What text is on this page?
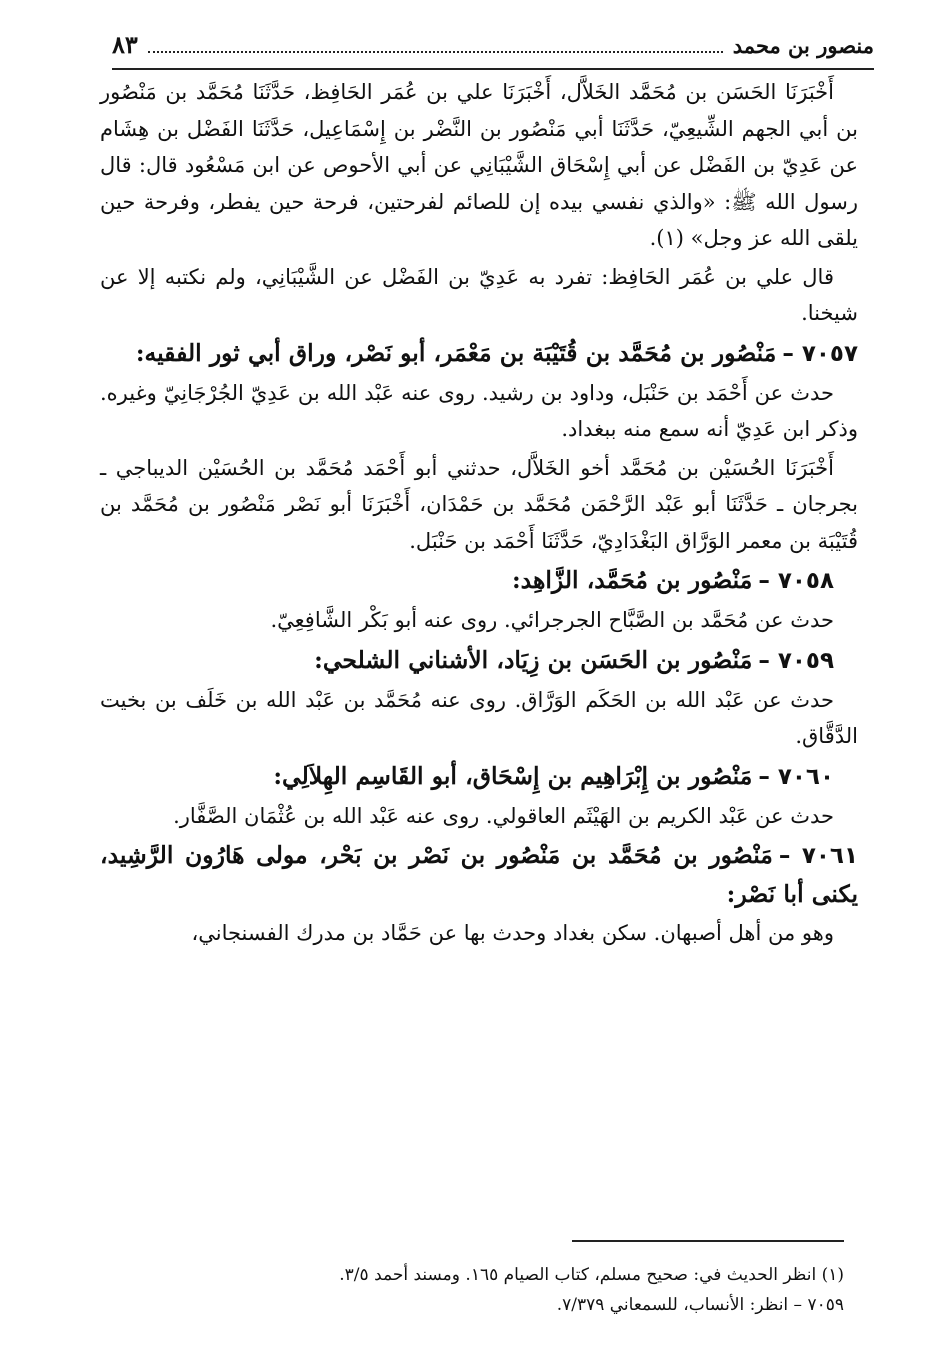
منصور بن محمد
٨٣

أَخْبَرَنَا الحَسَن بن مُحَمَّد الخَلاَّل، أَخْبَرَنَا علي بن عُمَر الحَافِظ، حَدَّثَنَا مُحَمَّد بن مَنْصُور بن أبي الجهم الشِّيعِيّ، حَدَّثَنَا أبي مَنْصُور بن النَّضْر بن إِسْمَاعِيل، حَدَّثَنَا الفَضْل بن هِشَام عن عَدِيّ بن الفَضْل عن أبي إِسْحَاق الشَّيْبَانِي عن أبي الأحوص عن ابن مَسْعُود قال: قال رسول الله ﷺ: «والذي نفسي بيده إن للصائم لفرحتين، فرحة حين يفطر، وفرحة حين يلقى الله عز وجل» (١).

قال علي بن عُمَر الحَافِظ: تفرد به عَدِيّ بن الفَضْل عن الشَّيْبَانِي، ولم نكتبه إلا عن شيخنا.

٧٠٥٧ –مَنْصُور بن مُحَمَّد بن قُتَيْبَة بن مَعْمَر، أبو نَصْر، وراق أبي ثور الفقيه:

حدث عن أَحْمَد بن حَنْبَل، وداود بن رشيد. روى عنه عَبْد الله بن عَدِيّ الجُرْجَانِيّ وغيره. وذكر ابن عَدِيّ أنه سمع منه ببغداد.

أَخْبَرَنَا الحُسَيْن بن مُحَمَّد أخو الخَلاَّل، حدثني أبو أَحْمَد مُحَمَّد بن الحُسَيْن الديباجي ـ بجرجان ـ حَدَّثَنَا أبو عَبْد الرَّحْمَن مُحَمَّد بن حَمْدَان، أَخْبَرَنَا أبو نَصْر مَنْصُور بن مُحَمَّد بن قُتَيْبَة بن معمر الوَرَّاق البَغْدَادِيّ، حَدَّثَنَا أَحْمَد بن حَنْبَل.

٧٠٥٨ –مَنْصُور بن مُحَمَّد، الزَّاهِد:

حدث عن مُحَمَّد بن الصَّبَّاح الجرجرائي. روى عنه أبو بَكْر الشَّافِعِيّ.

٧٠٥٩ –مَنْصُور بن الحَسَن بن زِيَاد، الأشناني الشلحي:

حدث عن عَبْد الله بن الحَكَم الوَرَّاق. روى عنه مُحَمَّد بن عَبْد الله بن خَلَف بن بخيت الدَّقَّاق.

٧٠٦٠ –مَنْصُور بن إِبْرَاهِيم بن إِسْحَاق، أبو القَاسِم الهِلاَلِي:

حدث عن عَبْد الكريم بن الهَيْثَم العاقولي. روى عنه عَبْد الله بن عُثْمَان الصَّفَّار.

٧٠٦١ –مَنْصُور بن مُحَمَّد بن مَنْصُور بن نَصْر بن بَحْر، مولى هَارُون الرَّشِيد، يكنى أبا نَصْر:

وهو من أهل أصبهان. سكن بغداد وحدث بها عن حَمَّاد بن مدرك الفسنجاني،

(١) انظر الحديث في: صحيح مسلم، كتاب الصيام ١٦٥. ومسند أحمد ٣/٥.

٧٠٥٩ – انظر: الأنساب، للسمعاني ٧/٣٧٩.
